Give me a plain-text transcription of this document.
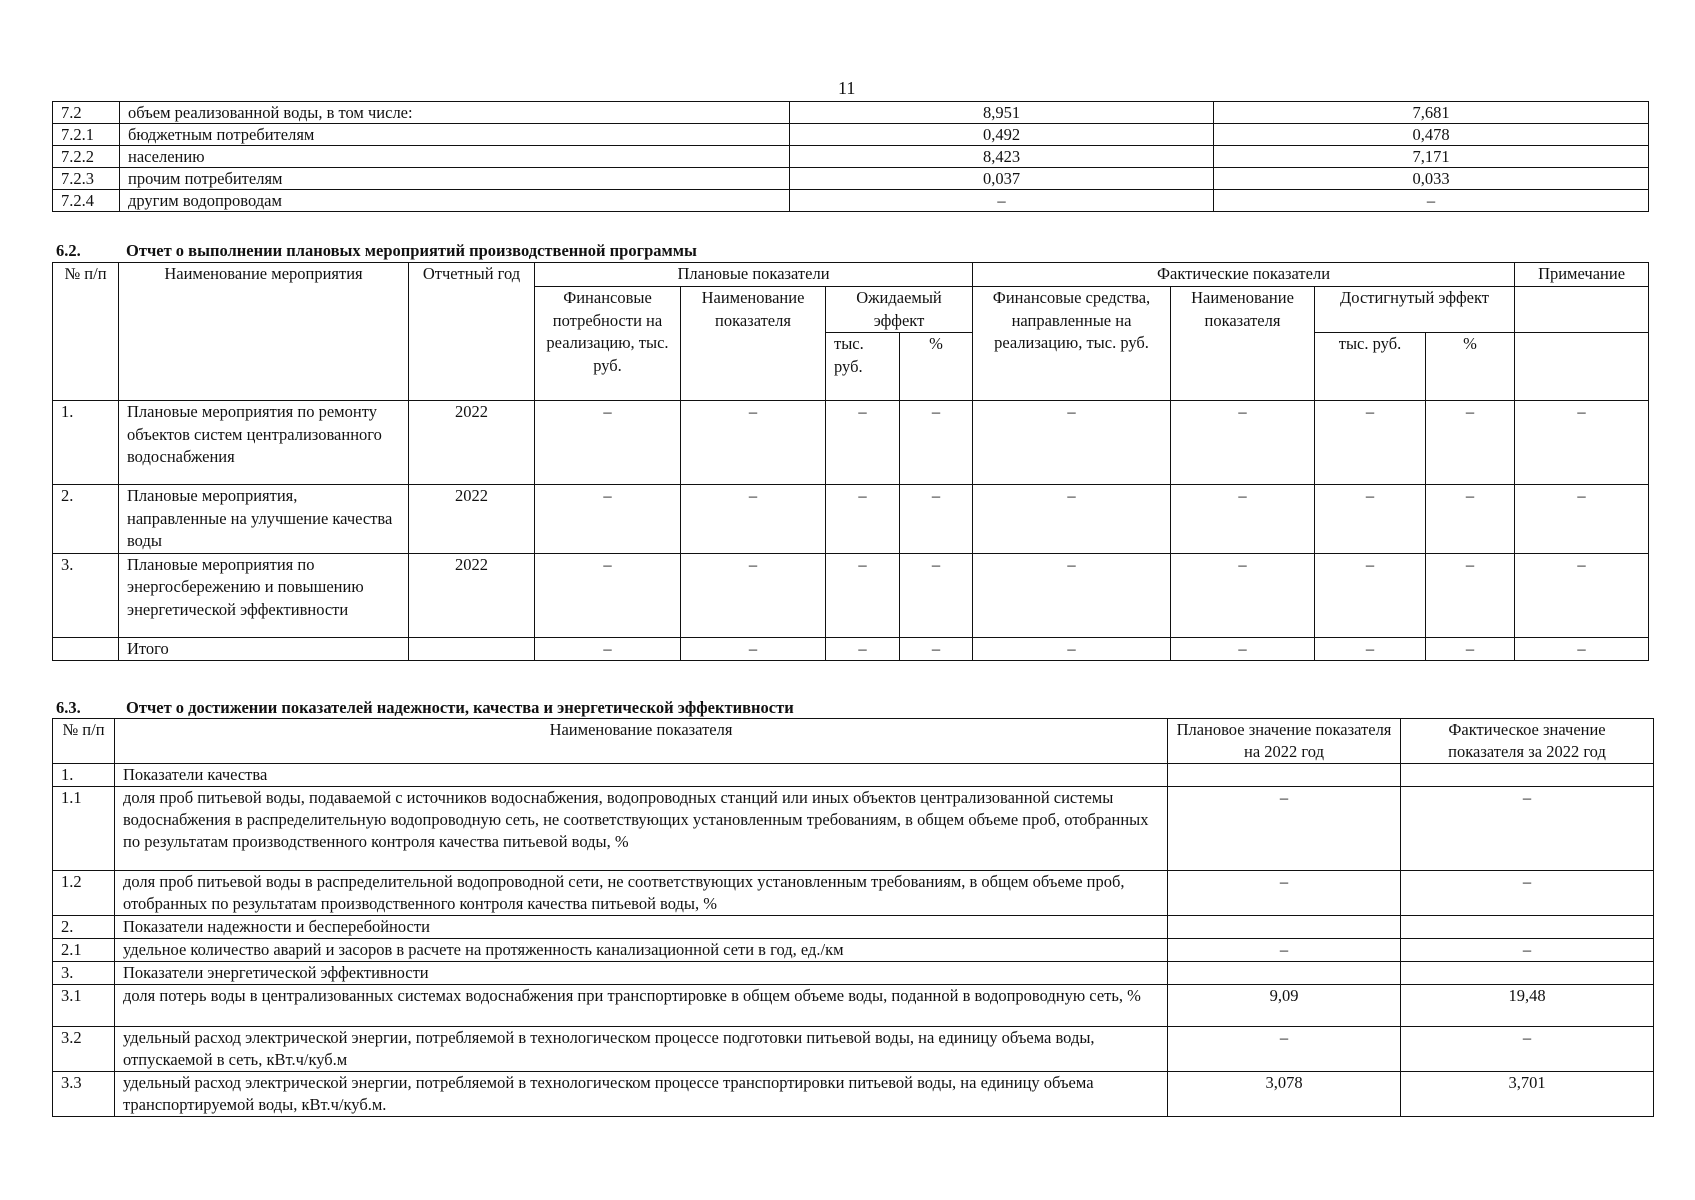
11
7.2	объем реализованной воды, в том числе:	8,951	7,681
7.2.1	бюджетным потребителям	0,492	0,478
7.2.2	населению	8,423	7,171
7.2.3	прочим потребителям	0,037	0,033
7.2.4	другим водопроводам	–	–
6.2.	Отчет о выполнении плановых мероприятий производственной программы
№ п/п	Наименование мероприятия	Отчетный год	Плановые показатели				Фактические показатели				Примечание
			Финансовые потребности на реализацию, тыс. руб.	Наименование показателя	Ожидаемый эффект		Финансовые средства, направленные на реализацию, тыс. руб.	Наименование показателя	Достигнутый эффект		
					тыс. руб.	%			тыс. руб.	%	
1.	Плановые мероприятия по ремонту объектов систем централизованного водоснабжения	2022	–	–	–	–	–	–	–	–	–
2.	Плановые мероприятия, направленные на улучшение качества воды	2022	–	–	–	–	–	–	–	–	–
3.	Плановые мероприятия по энергосбережению и повышению энергетической эффективности	2022	–	–	–	–	–	–	–	–	–
	Итого		–	–	–	–	–	–	–	–	–
6.3.	Отчет о достижении показателей надежности, качества и энергетической эффективности
№ п/п	Наименование показателя	Плановое значение показателя на 2022 год	Фактическое значение показателя за 2022 год
1.	Показатели качества		
1.1	доля проб питьевой воды, подаваемой с источников водоснабжения, водопроводных станций или иных объектов централизованной системы водоснабжения в распределительную водопроводную сеть, не соответствующих установленным требованиям, в общем объеме проб, отобранных по результатам производственного контроля качества питьевой воды, %	–	–
1.2	доля проб питьевой воды в распределительной водопроводной сети, не соответствующих установленным требованиям, в общем объеме проб, отобранных по результатам производственного контроля качества питьевой воды, %	–	–
2.	Показатели надежности и бесперебойности		
2.1	удельное количество аварий и засоров в расчете на протяженность канализационной сети в год, ед./км	–	–
3.	Показатели энергетической эффективности		
3.1	доля потерь воды в централизованных системах водоснабжения при транспортировке в общем объеме воды, поданной в водопроводную сеть, %	9,09	19,48
3.2	удельный расход электрической энергии, потребляемой в технологическом процессе подготовки питьевой воды, на единицу объема воды, отпускаемой в сеть, кВт.ч/куб.м	–	–
3.3	удельный расход электрической энергии, потребляемой в технологическом процессе транспортировки питьевой воды, на единицу объема транспортируемой воды, кВт.ч/куб.м.	3,078	3,701
